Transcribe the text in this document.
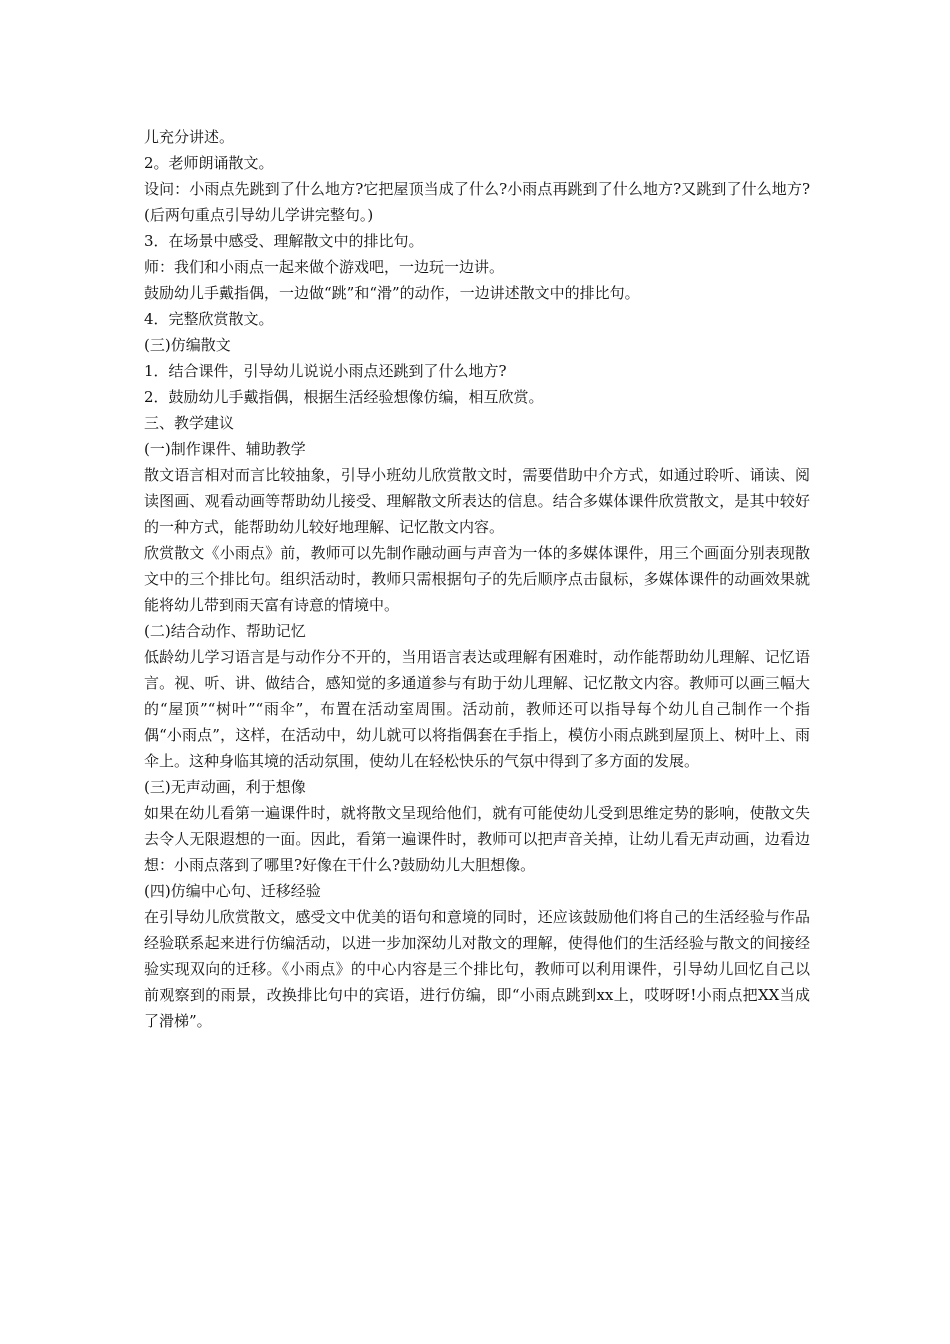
儿充分讲述。

2。老师朗诵散文。

设问：小雨点先跳到了什么地方?它把屋顶当成了什么?小雨点再跳到了什么地方?又跳到了什么地方?(后两句重点引导幼儿学讲完整句。)

3．在场景中感受、理解散文中的排比句。

师：我们和小雨点一起来做个游戏吧，一边玩一边讲。

鼓励幼儿手戴指偶，一边做“跳”和“滑”的动作，一边讲述散文中的排比句。

4．完整欣赏散文。

(三)仿编散文

1．结合课件，引导幼儿说说小雨点还跳到了什么地方?

2．鼓励幼儿手戴指偶，根据生活经验想像仿编，相互欣赏。

三、教学建议

(一)制作课件、辅助教学

散文语言相对而言比较抽象，引导小班幼儿欣赏散文时，需要借助中介方式，如通过聆听、诵读、阅读图画、观看动画等帮助幼儿接受、理解散文所表达的信息。结合多媒体课件欣赏散文，是其中较好的一种方式，能帮助幼儿较好地理解、记忆散文内容。

欣赏散文《小雨点》前，教师可以先制作融动画与声音为一体的多媒体课件，用三个画面分别表现散文中的三个排比句。组织活动时，教师只需根据句子的先后顺序点击鼠标，多媒体课件的动画效果就能将幼儿带到雨天富有诗意的情境中。

(二)结合动作、帮助记忆

低龄幼儿学习语言是与动作分不开的，当用语言表达或理解有困难时，动作能帮助幼儿理解、记忆语言。视、听、讲、做结合，感知觉的多通道参与有助于幼儿理解、记忆散文内容。教师可以画三幅大的“屋顶”“树叶”“雨伞”，布置在活动室周围。活动前，教师还可以指导每个幼儿自己制作一个指偶“小雨点”，这样，在活动中，幼儿就可以将指偶套在手指上，模仿小雨点跳到屋顶上、树叶上、雨伞上。这种身临其境的活动氛围，使幼儿在轻松快乐的气氛中得到了多方面的发展。

(三)无声动画，利于想像

如果在幼儿看第一遍课件时，就将散文呈现给他们，就有可能使幼儿受到思维定势的影响，使散文失去令人无限遐想的一面。因此，看第一遍课件时，教师可以把声音关掉，让幼儿看无声动画，边看边想：小雨点落到了哪里?好像在干什么?鼓励幼儿大胆想像。

(四)仿编中心句、迁移经验

在引导幼儿欣赏散文，感受文中优美的语句和意境的同时，还应该鼓励他们将自己的生活经验与作品经验联系起来进行仿编活动，以进一步加深幼儿对散文的理解，使得他们的生活经验与散文的间接经验实现双向的迁移。《小雨点》的中心内容是三个排比句，教师可以利用课件，引导幼儿回忆自己以前观察到的雨景，改换排比句中的宾语，进行仿编，即“小雨点跳到xx上，哎呀呀!小雨点把XX当成了滑梯”。
